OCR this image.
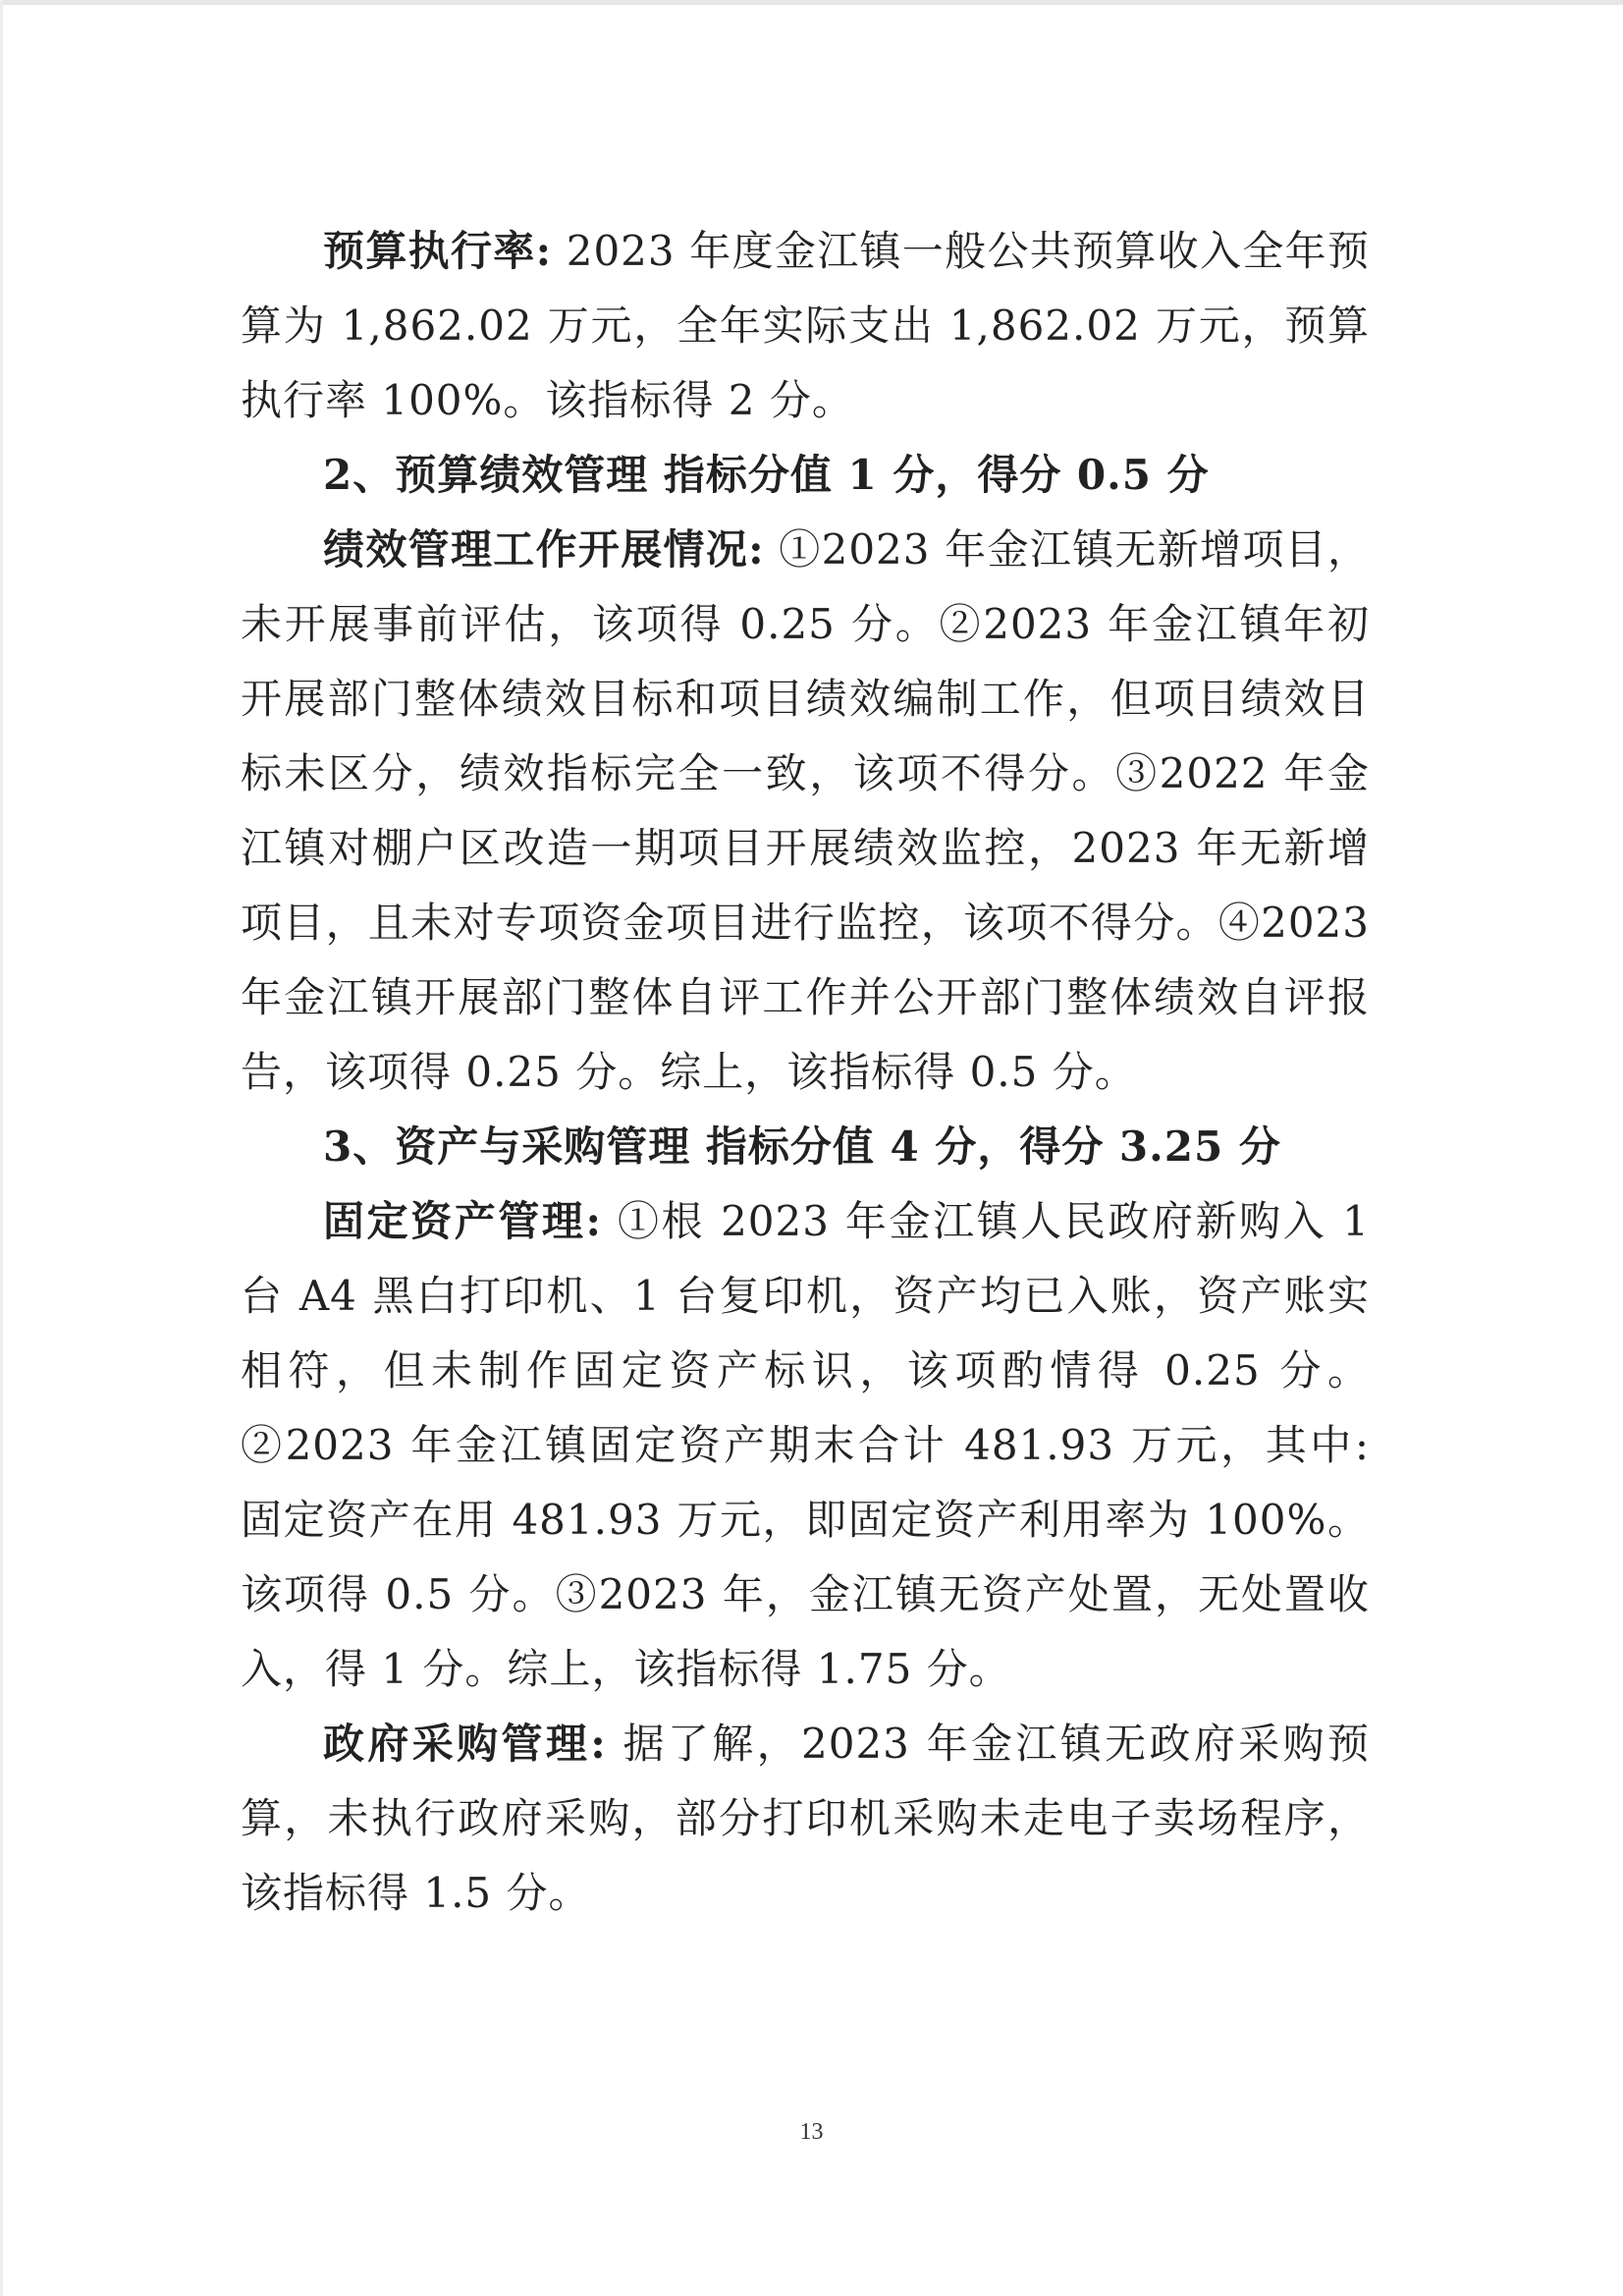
预算执行率: 2023 年度金江镇一般公共预算收入全年预算为 1,862.02 万元，全年实际支出 1,862.02 万元，预算执行率 100%。该指标得 2 分。

2、预算绩效管理 指标分值 1 分，得分 0.5 分

绩效管理工作开展情况: ①2023 年金江镇无新增项目，未开展事前评估，该项得 0.25 分。②2023 年金江镇年初开展部门整体绩效目标和项目绩效编制工作，但项目绩效目标未区分，绩效指标完全一致，该项不得分。③2022 年金江镇对棚户区改造一期项目开展绩效监控，2023 年无新增项目，且未对专项资金项目进行监控，该项不得分。④2023 年金江镇开展部门整体自评工作并公开部门整体绩效自评报告，该项得 0.25 分。综上，该指标得 0.5 分。

3、资产与采购管理 指标分值 4 分，得分 3.25 分

固定资产管理: ①根 2023 年金江镇人民政府新购入 1 台 A4 黑白打印机、1 台复印机，资产均已入账，资产账实相符，但未制作固定资产标识，该项酌情得 0.25 分。②2023 年金江镇固定资产期末合计 481.93 万元，其中: 固定资产在用 481.93 万元，即固定资产利用率为 100%。该项得 0.5 分。③2023 年，金江镇无资产处置，无处置收入，得 1 分。综上，该指标得 1.75 分。

政府采购管理: 据了解，2023 年金江镇无政府采购预算，未执行政府采购，部分打印机采购未走电子卖场程序，该指标得 1.5 分。

13
